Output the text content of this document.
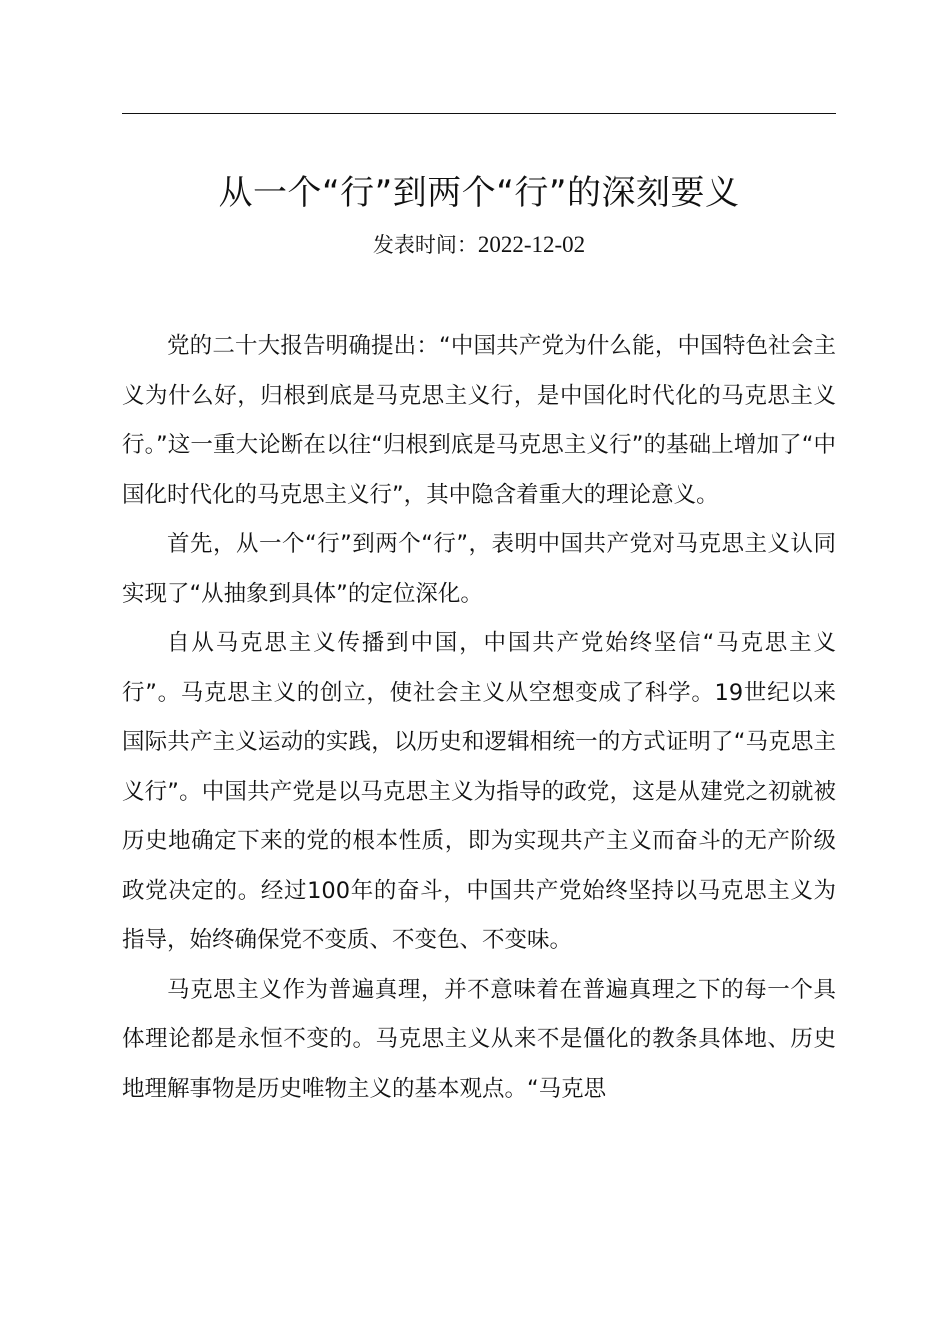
从一个“行”到两个“行”的深刻要义
发表时间：2022-12-02

党的二十大报告明确提出：“中国共产党为什么能，中国特色社会主义为什么好，归根到底是马克思主义行，是中国化时代化的马克思主义行。”这一重大论断在以往“归根到底是马克思主义行”的基础上增加了“中国化时代化的马克思主义行”，其中隐含着重大的理论意义。

首先，从一个“行”到两个“行”，表明中国共产党对马克思主义认同实现了“从抽象到具体”的定位深化。

自从马克思主义传播到中国，中国共产党始终坚信“马克思主义行”。马克思主义的创立，使社会主义从空想变成了科学。19世纪以来国际共产主义运动的实践，以历史和逻辑相统一的方式证明了“马克思主义行”。中国共产党是以马克思主义为指导的政党，这是从建党之初就被历史地确定下来的党的根本性质，即为实现共产主义而奋斗的无产阶级政党决定的。经过100年的奋斗，中国共产党始终坚持以马克思主义为指导，始终确保党不变质、不变色、不变味。

马克思主义作为普遍真理，并不意味着在普遍真理之下的每一个具体理论都是永恒不变的。马克思主义从来不是僵化的教条具体地、历史地理解事物是历史唯物主义的基本观点。“马克思
